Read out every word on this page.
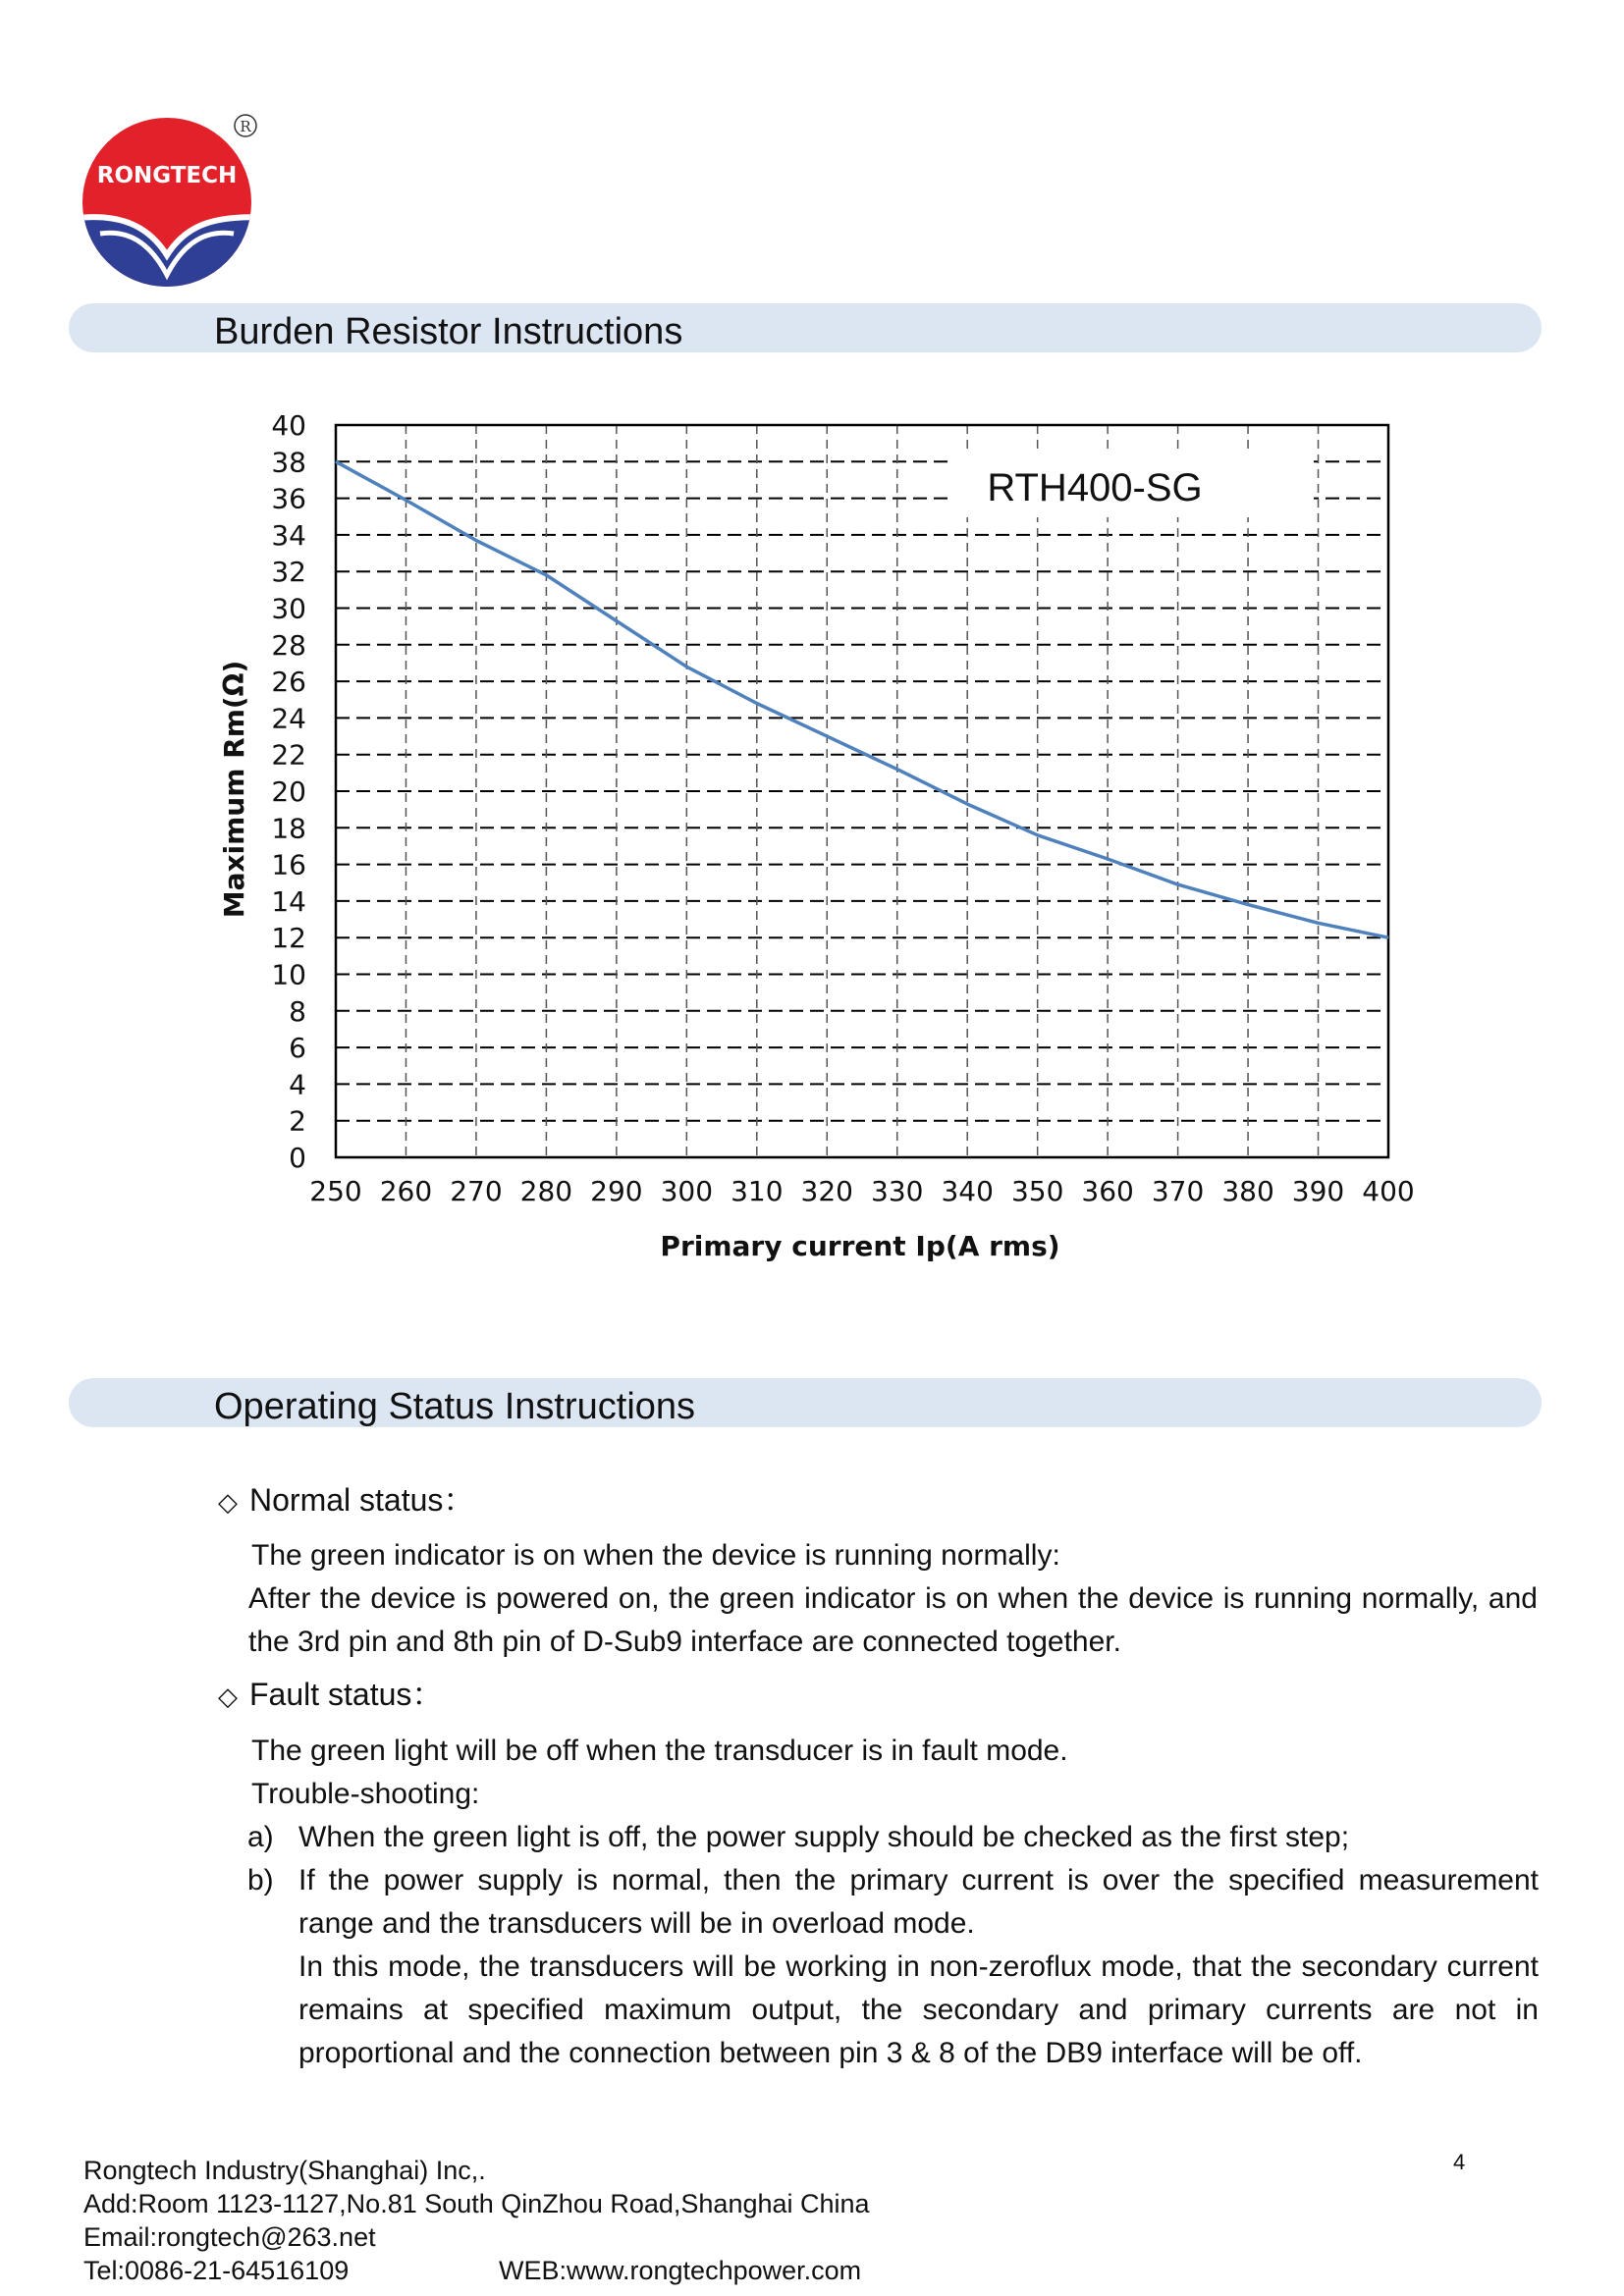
RONGTECH
R
Burden Resistor Instructions
0
2
4
6
8
10
12
14
16
18
20
22
24
26
28
30
32
34
36
38
40
250 260 270 280 290 300 310 320 330 340 350 360 370 380 390 400
Primary current Ip(A rms)
Maximum Rm(Ω)
RTH400-SG
Operating Status Instructions
◇ Normal status：
The green indicator is on when the device is running normally:
After the device is powered on, the green indicator is on when the device is running normally, and the 3rd pin and 8th pin of D-Sub9 interface are connected together.
◇ Fault status：
The green light will be off when the transducer is in fault mode.
Trouble-shooting:
a) When the green light is off, the power supply should be checked as the first step;
b) If the power supply is normal, then the primary current is over the specified measurement range and the transducers will be in overload mode.
In this mode, the transducers will be working in non-zeroflux mode, that the secondary current remains at specified maximum output, the secondary and primary currents are not in proportional and the connection between pin 3 & 8 of the DB9 interface will be off.
Rongtech Industry(Shanghai) Inc,.
Add:Room 1123-1127,No.81 South QinZhou Road,Shanghai China
Email:rongtech@263.net
Tel:0086-21-64516109	WEB:www.rongtechpower.com
4
